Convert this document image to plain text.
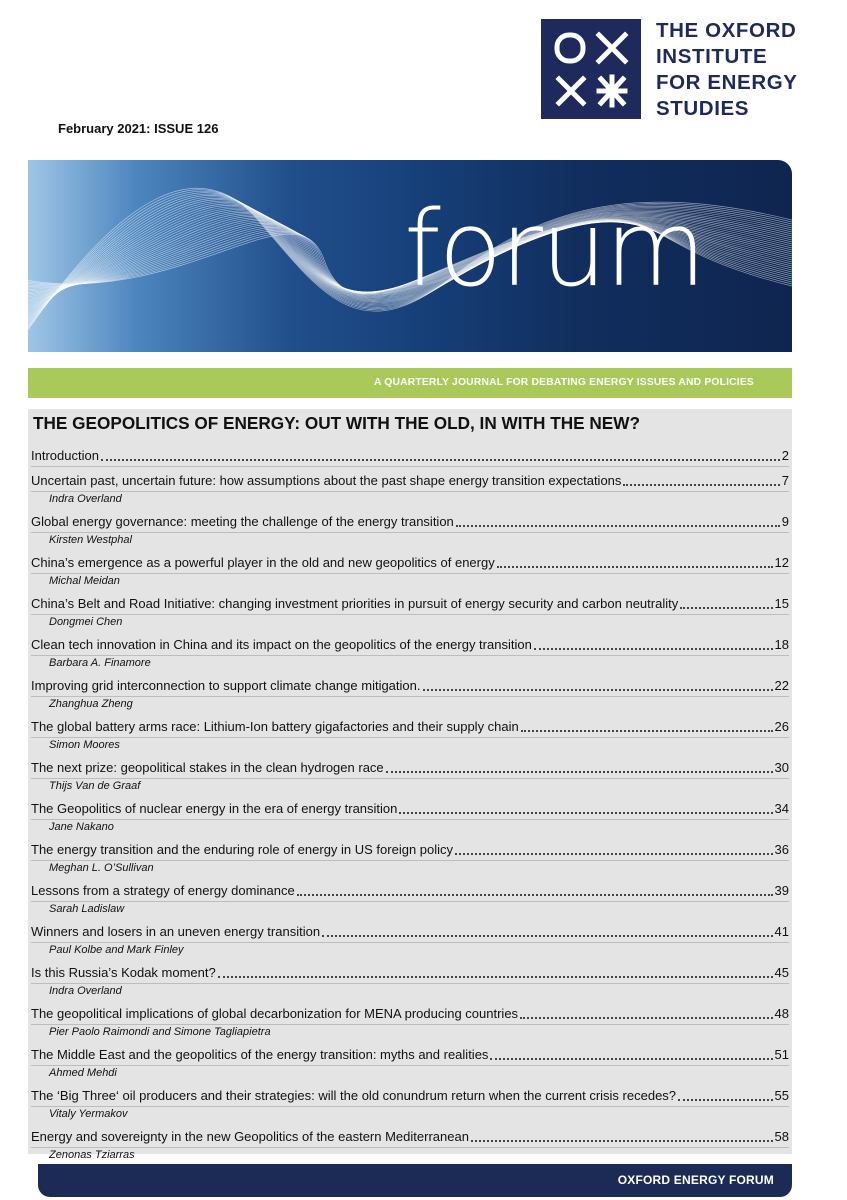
THE OXFORD
INSTITUTE
FOR ENERGY
STUDIES
February 2021: ISSUE 126
forum
A QUARTERLY JOURNAL FOR DEBATING ENERGY ISSUES AND POLICIES
THE GEOPOLITICS OF ENERGY: OUT WITH THE OLD, IN WITH THE NEW?
Introduction	2
Uncertain past, uncertain future: how assumptions about the past shape energy transition expectations	7
Indra Overland
Global energy governance: meeting the challenge of the energy transition	9
Kirsten Westphal
China’s emergence as a powerful player in the old and new geopolitics of energy	12
Michal Meidan
China’s Belt and Road Initiative: changing investment priorities in pursuit of energy security and carbon neutrality	15
Dongmei Chen
Clean tech innovation in China and its impact on the geopolitics of the energy transition	18
Barbara A. Finamore
Improving grid interconnection to support climate change mitigation.	22
Zhanghua Zheng
The global battery arms race: Lithium-Ion battery gigafactories and their supply chain	26
Simon Moores
The next prize: geopolitical stakes in the clean hydrogen race	30
Thijs Van de Graaf
The Geopolitics of nuclear energy in the era of energy transition	34
Jane Nakano
The energy transition and the enduring role of energy in US foreign policy	36
Meghan L. O’Sullivan
Lessons from a strategy of energy dominance	39
Sarah Ladislaw
Winners and losers in an uneven energy transition	41
Paul Kolbe and Mark Finley
Is this Russia’s Kodak moment?	45
Indra Overland
The geopolitical implications of global decarbonization for MENA producing countries	48
Pier Paolo Raimondi and Simone Tagliapietra
The Middle East and the geopolitics of the energy transition: myths and realities	51
Ahmed Mehdi
The ‘Big Three‘ oil producers and their strategies: will the old conundrum return when the current crisis recedes?	55
Vitaly Yermakov
Energy and sovereignty in the new Geopolitics of the eastern Mediterranean	58
Zenonas Tziarras
OXFORD ENERGY FORUM
